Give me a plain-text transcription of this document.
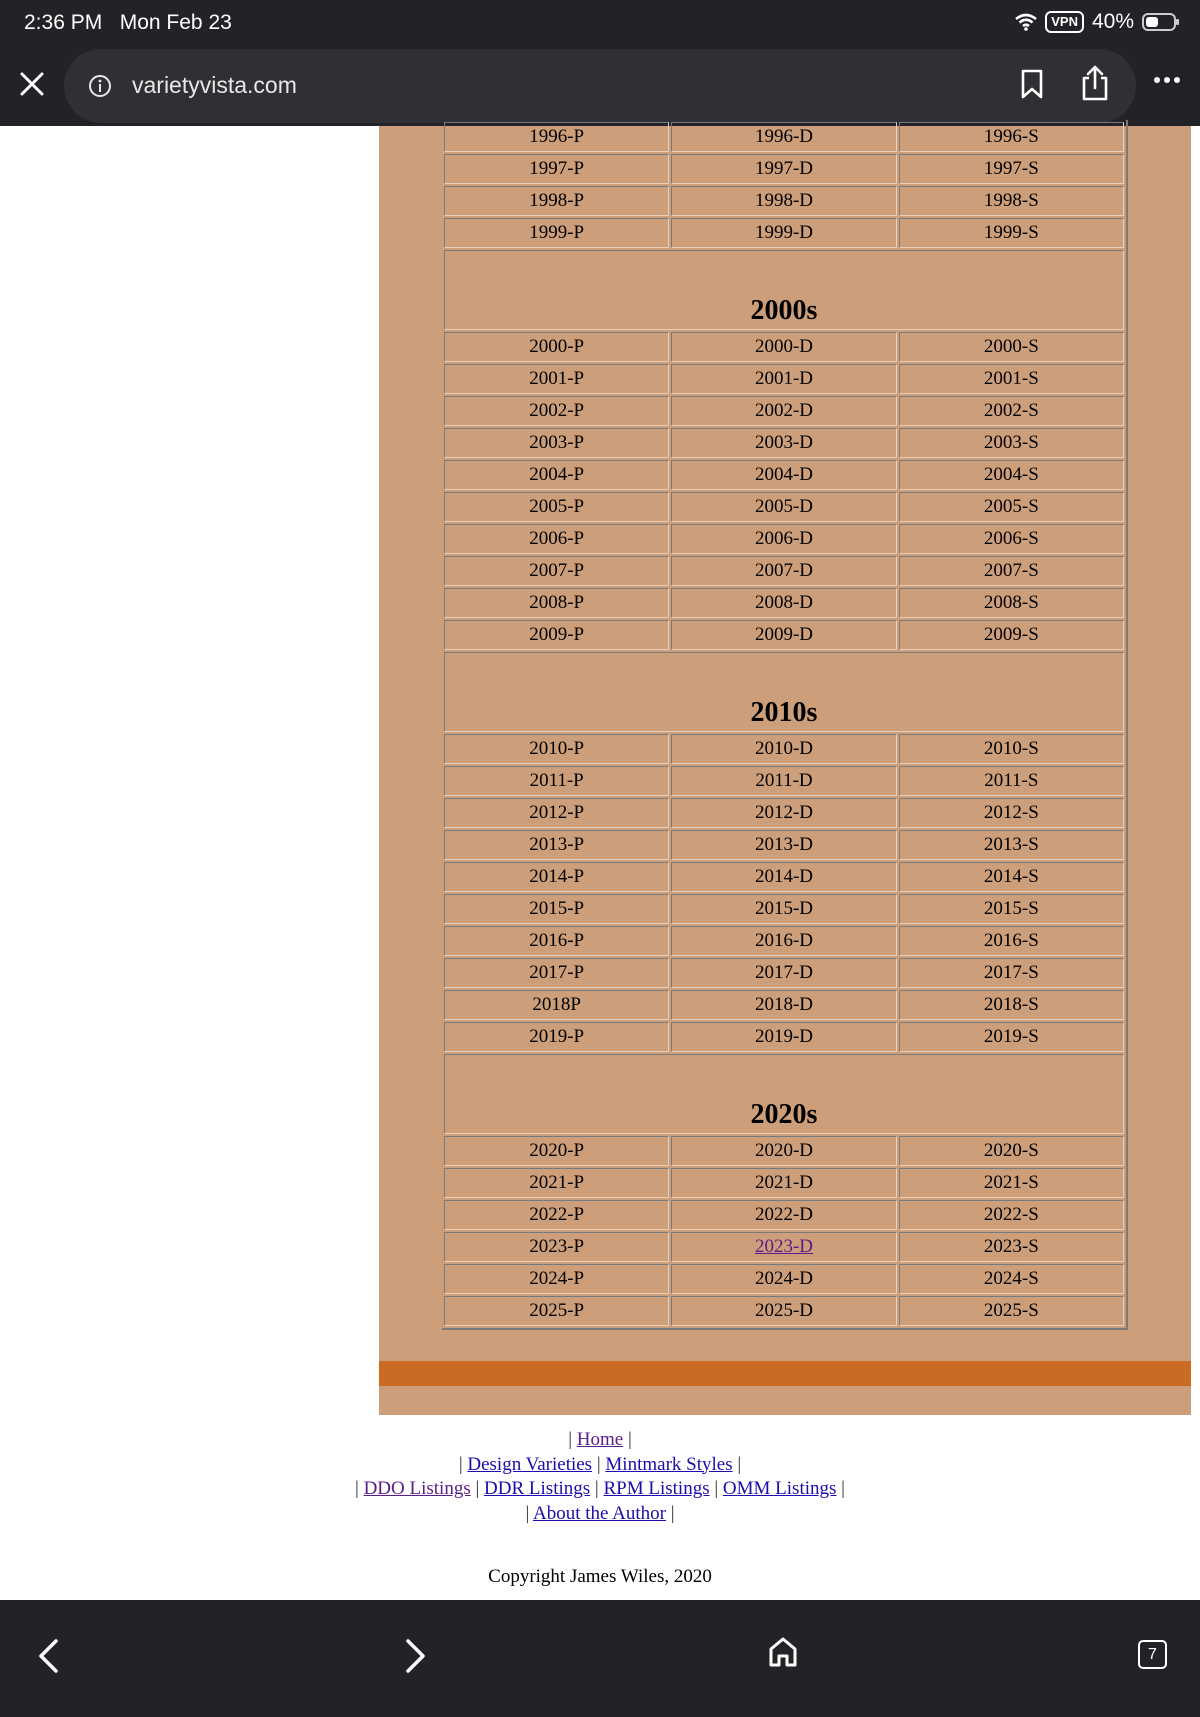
2:36 PM Mon Feb 23	VPN 40%
varietyvista.com
1996-P	1996-D	1996-S
1997-P	1997-D	1997-S
1998-P	1998-D	1998-S
1999-P	1999-D	1999-S
2000s		
2000-P	2000-D	2000-S
2001-P	2001-D	2001-S
2002-P	2002-D	2002-S
2003-P	2003-D	2003-S
2004-P	2004-D	2004-S
2005-P	2005-D	2005-S
2006-P	2006-D	2006-S
2007-P	2007-D	2007-S
2008-P	2008-D	2008-S
2009-P	2009-D	2009-S
2010s		
2010-P	2010-D	2010-S
2011-P	2011-D	2011-S
2012-P	2012-D	2012-S
2013-P	2013-D	2013-S
2014-P	2014-D	2014-S
2015-P	2015-D	2015-S
2016-P	2016-D	2016-S
2017-P	2017-D	2017-S
2018P	2018-D	2018-S
2019-P	2019-D	2019-S
2020s		
2020-P	2020-D	2020-S
2021-P	2021-D	2021-S
2022-P	2022-D	2022-S
2023-P	2023-D	2023-S
2024-P	2024-D	2024-S
2025-P	2025-D	2025-S
| Home |
| Design Varieties | Mintmark Styles |
| DDO Listings | DDR Listings | RPM Listings | OMM Listings |
| About the Author |
Copyright James Wiles, 2020
7
